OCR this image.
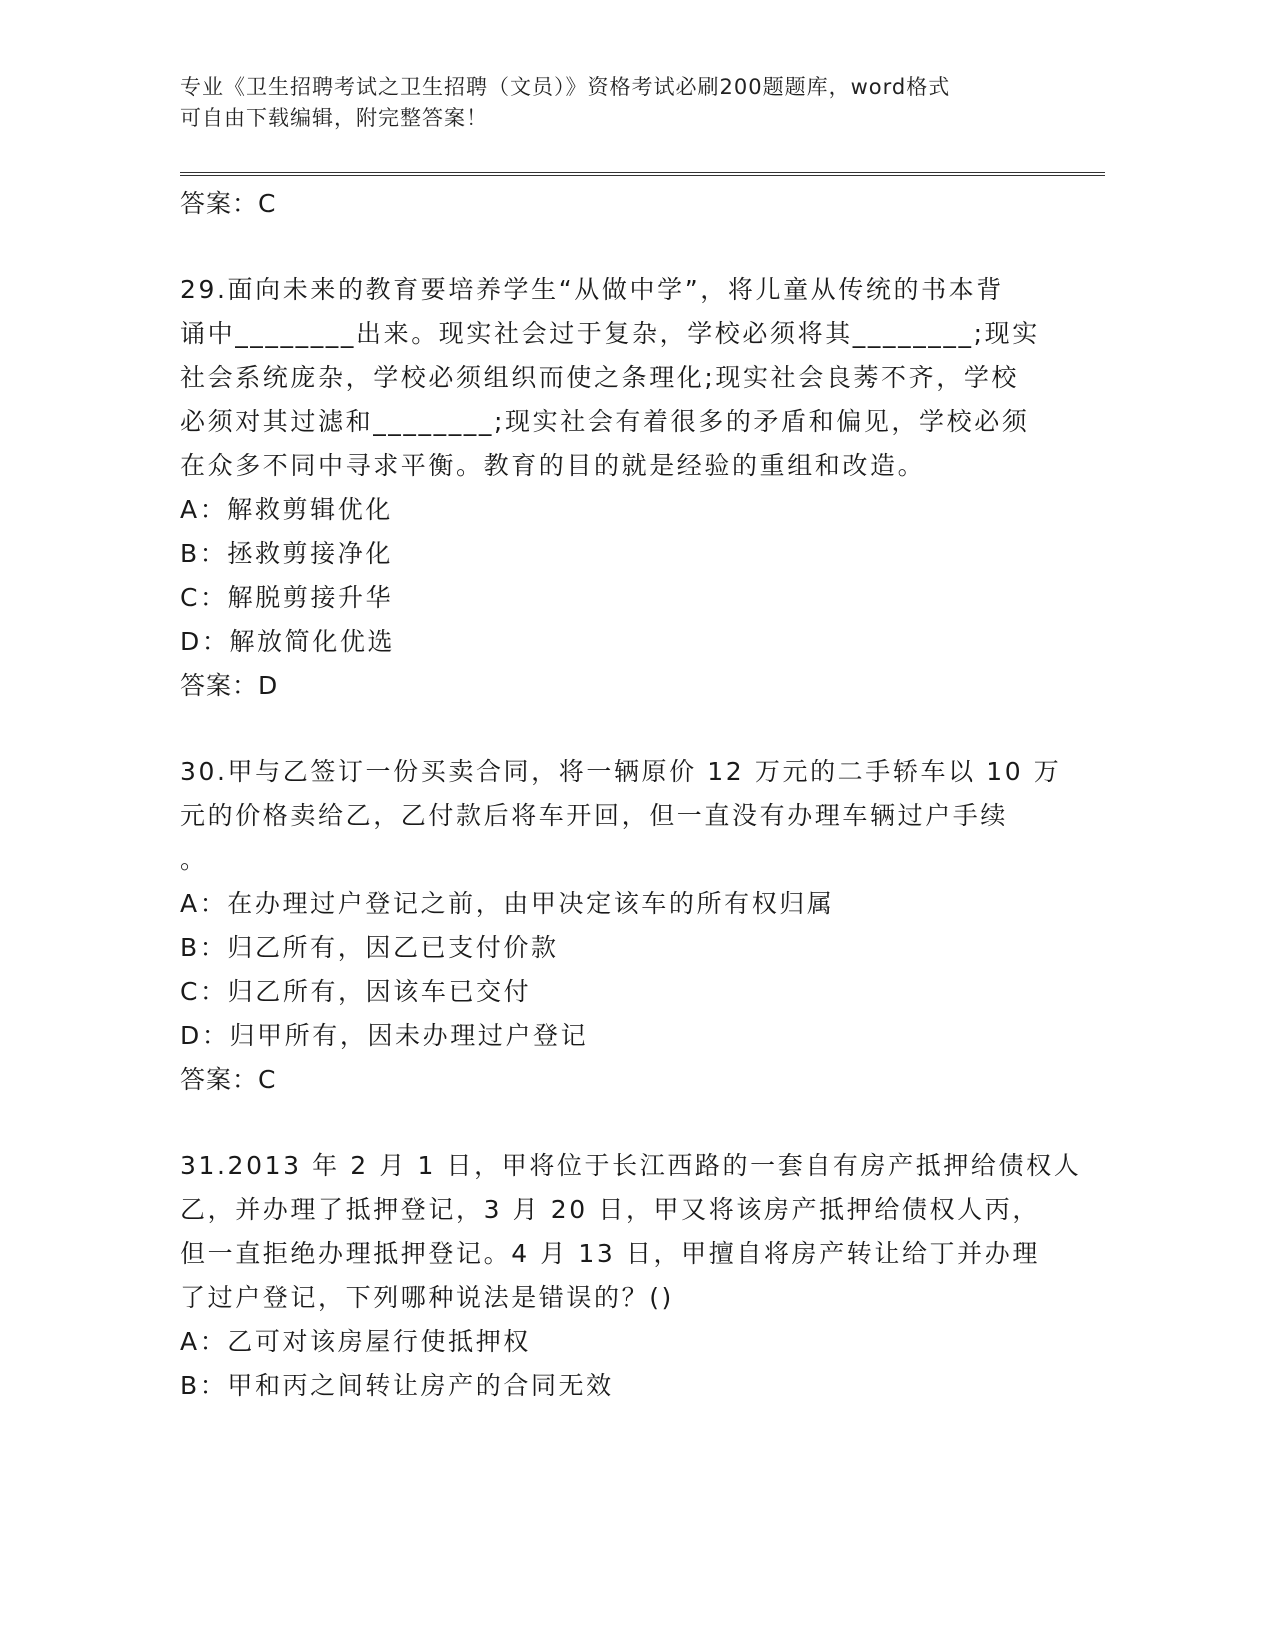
专业《卫生招聘考试之卫生招聘（文员）》资格考试必刷200题题库，word格式
可自由下载编辑，附完整答案！
答案：C
29.面向未来的教育要培养学生“从做中学”，将儿童从传统的书本背
诵中________出来。现实社会过于复杂，学校必须将其________;现实
社会系统庞杂，学校必须组织而使之条理化;现实社会良莠不齐，学校
必须对其过滤和________;现实社会有着很多的矛盾和偏见，学校必须
在众多不同中寻求平衡。教育的目的就是经验的重组和改造。
A：解救剪辑优化
B：拯救剪接净化
C：解脱剪接升华
D：解放简化优选
答案：D
30.甲与乙签订一份买卖合同，将一辆原价 12 万元的二手轿车以 10 万
元的价格卖给乙，乙付款后将车开回，但一直没有办理车辆过户手续
。
A：在办理过户登记之前，由甲决定该车的所有权归属
B：归乙所有，因乙已支付价款
C：归乙所有，因该车已交付
D：归甲所有，因未办理过户登记
答案：C
31.2013 年 2 月 1 日，甲将位于长江西路的一套自有房产抵押给债权人
乙，并办理了抵押登记，3 月 20 日，甲又将该房产抵押给债权人丙，
但一直拒绝办理抵押登记。4 月 13 日，甲擅自将房产转让给丁并办理
了过户登记，下列哪种说法是错误的？()
A：乙可对该房屋行使抵押权
B：甲和丙之间转让房产的合同无效
